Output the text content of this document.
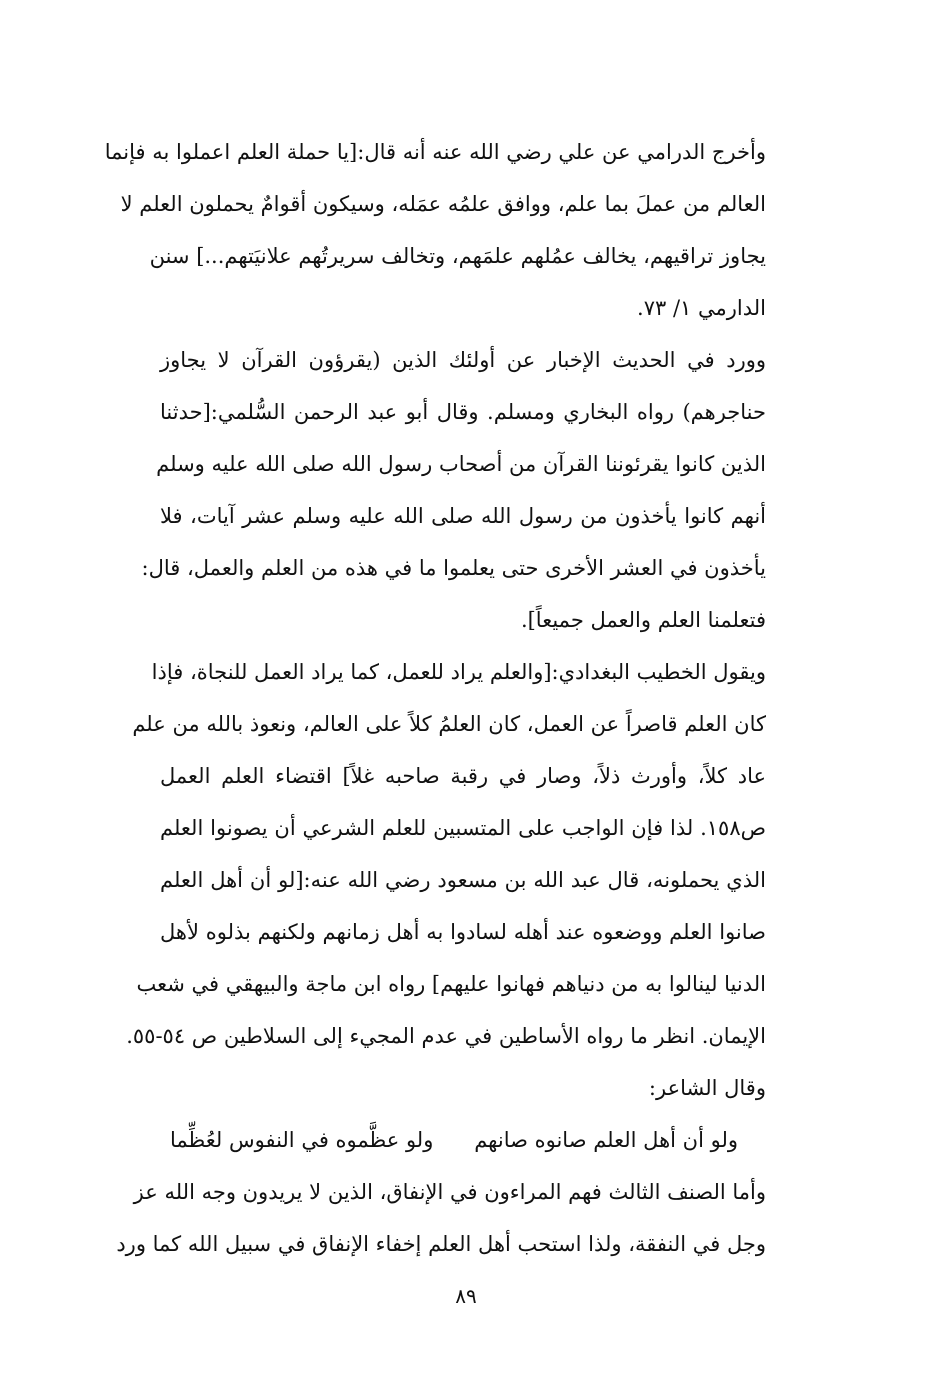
وأخرج الدرامي عن علي رضي الله عنه أنه قال:[يا حملة العلم اعملوا به فإنما
العالم من عملَ بما علم، ووافق علمُه عمَله، وسيكون أقوامٌ يحملون العلم لا
يجاوز تراقيهم، يخالف عمُلهم علمَهم، وتخالف سريرتُهم علانيَتهم...] سنن
الدارمي ١/ ٧٣.
وورد في الحديث الإخبار عن أولئك الذين (يقرؤون القرآن لا يجاوز
حناجرهم) رواه البخاري ومسلم. وقال أبو عبد الرحمن السُّلمي:[حدثنا
الذين كانوا يقرئوننا القرآن من أصحاب رسول الله صلى الله عليه وسلم
أنهم كانوا يأخذون من رسول الله صلى الله عليه وسلم عشر آيات، فلا
يأخذون في العشر الأخرى حتى يعلموا ما في هذه من العلم والعمل، قال:
فتعلمنا العلم والعمل جميعاً].
ويقول الخطيب البغدادي:[والعلم يراد للعمل، كما يراد العمل للنجاة، فإذا
كان العلم قاصراً عن العمل، كان العلمُ كلاً على العالم، ونعوذ بالله من علم
عاد كلاً، وأورث ذلاً، وصار في رقبة صاحبه غلاً] اقتضاء العلم العمل
ص١٥٨. لذا فإن الواجب على المتسبين للعلم الشرعي أن يصونوا العلم
الذي يحملونه، قال عبد الله بن مسعود رضي الله عنه:[لو أن أهل العلم
صانوا العلم ووضعوه عند أهله لسادوا به أهل زمانهم ولكنهم بذلوه لأهل
الدنيا لينالوا به من دنياهم فهانوا عليهم] رواه ابن ماجة والبيهقي في شعب
الإيمان. انظر ما رواه الأساطين في عدم المجيء إلى السلاطين ص ٥٤-٥٥.
وقال الشاعر:
ولو أن أهل العلم صانوه صانهم
ولو عظَّموه في النفوس لعُظِّما
وأما الصنف الثالث فهم المراءون في الإنفاق، الذين لا يريدون وجه الله عز
وجل في النفقة، ولذا استحب أهل العلم إخفاء الإنفاق في سبيل الله كما ورد
٨٩
